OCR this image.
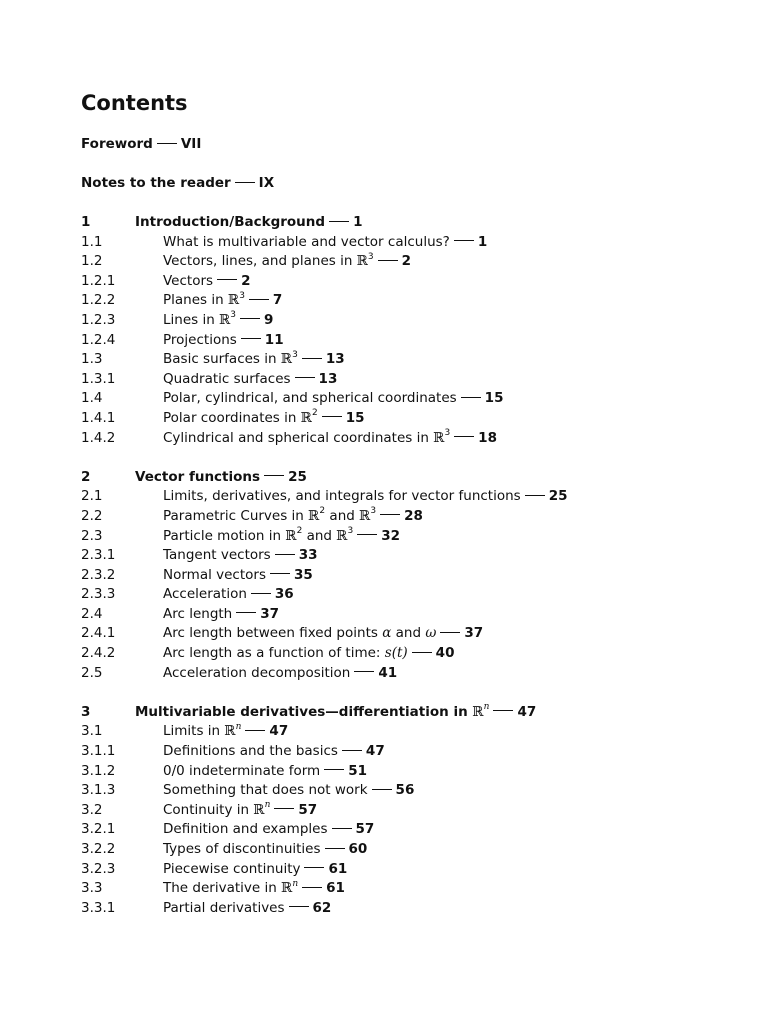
Contents
Foreword VII
Notes to the reader IX
1	Introduction/Background 1
1.1	What is multivariable and vector calculus? 1
1.2	Vectors, lines, and planes in ℝ$^3$ 2
1.2.1	Vectors 2
1.2.2	Planes in ℝ$^3$ 7
1.2.3	Lines in ℝ$^3$ 9
1.2.4	Projections 11
1.3	Basic surfaces in ℝ$^3$ 13
1.3.1	Quadratic surfaces 13
1.4	Polar, cylindrical, and spherical coordinates 15
1.4.1	Polar coordinates in ℝ$^2$ 15
1.4.2	Cylindrical and spherical coordinates in ℝ$^3$ 18
2	Vector functions 25
2.1	Limits, derivatives, and integrals for vector functions 25
2.2	Parametric Curves in ℝ$^2$ and ℝ$^3$ 28
2.3	Particle motion in ℝ$^2$ and ℝ$^3$ 32
2.3.1	Tangent vectors 33
2.3.2	Normal vectors 35
2.3.3	Acceleration 36
2.4	Arc length 37
2.4.1	Arc length between fixed points α and ω 37
2.4.2	Arc length as a function of time: s(t) 40
2.5	Acceleration decomposition 41
3	Multivariable derivatives—differentiation in ℝ$^n$ 47
3.1	Limits in ℝ$^n$ 47
3.1.1	Definitions and the basics 47
3.1.2	0/0 indeterminate form 51
3.1.3	Something that does not work 56
3.2	Continuity in ℝ$^n$ 57
3.2.1	Definition and examples 57
3.2.2	Types of discontinuities 60
3.2.3	Piecewise continuity 61
3.3	The derivative in ℝ$^n$ 61
3.3.1	Partial derivatives 62
